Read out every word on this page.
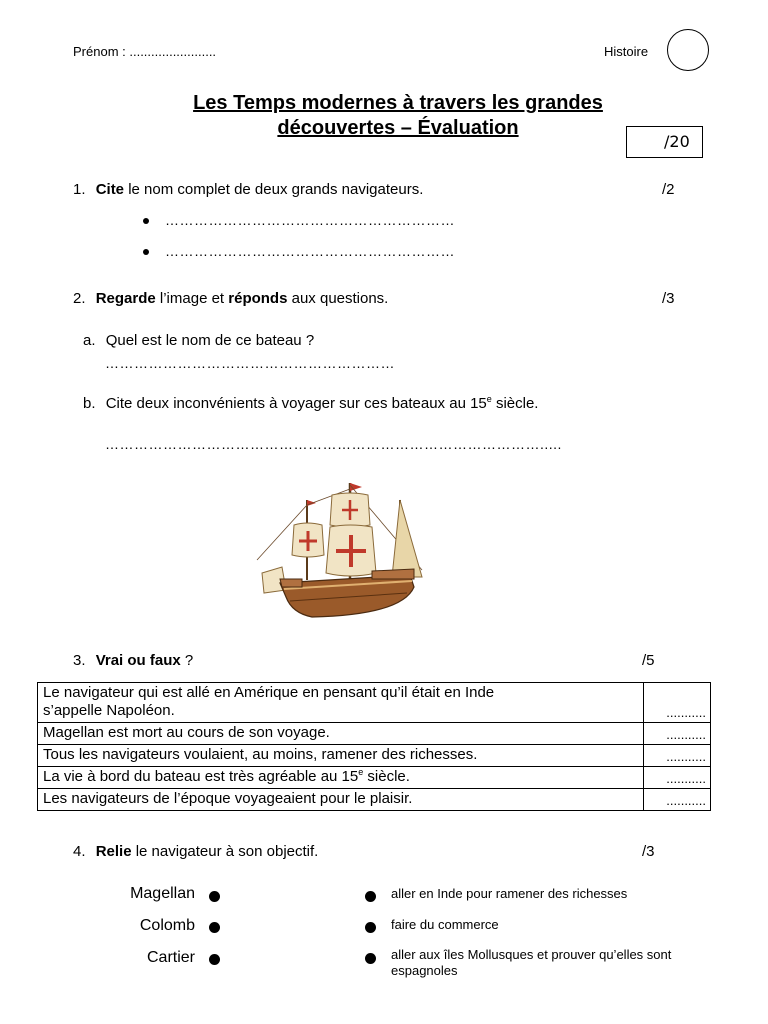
Prénom : ........................	Histoire
Les Temps modernes à travers les grandes
découvertes – Évaluation
/20
1. Cite le nom complet de deux grands navigateurs.	/2
……………………………………………………
……………………………………………………
2. Regarde l’image et réponds aux questions.	/3
a. Quel est le nom de ce bateau ?
……………………………………………………
b. Cite deux inconvénients à voyager sur ces bateaux au 15e siècle.
……………………………………………………………………………….....
3. Vrai ou faux ?	/5
Le navigateur qui est allé en Amérique en pensant qu’il était en Inde
s’appelle Napoléon.	...........
Magellan est mort au cours de son voyage.	...........
Tous les navigateurs voulaient, au moins, ramener des richesses.	...........
La vie à bord du bateau est très agréable au 15e siècle.	...........
Les navigateurs de l’époque voyageaient pour le plaisir.	...........
4. Relie le navigateur à son objectif.	/3
Magellan
Colomb
Cartier
aller en Inde pour ramener des richesses
faire du commerce
aller aux îles Mollusques et prouver qu’elles sont espagnoles
